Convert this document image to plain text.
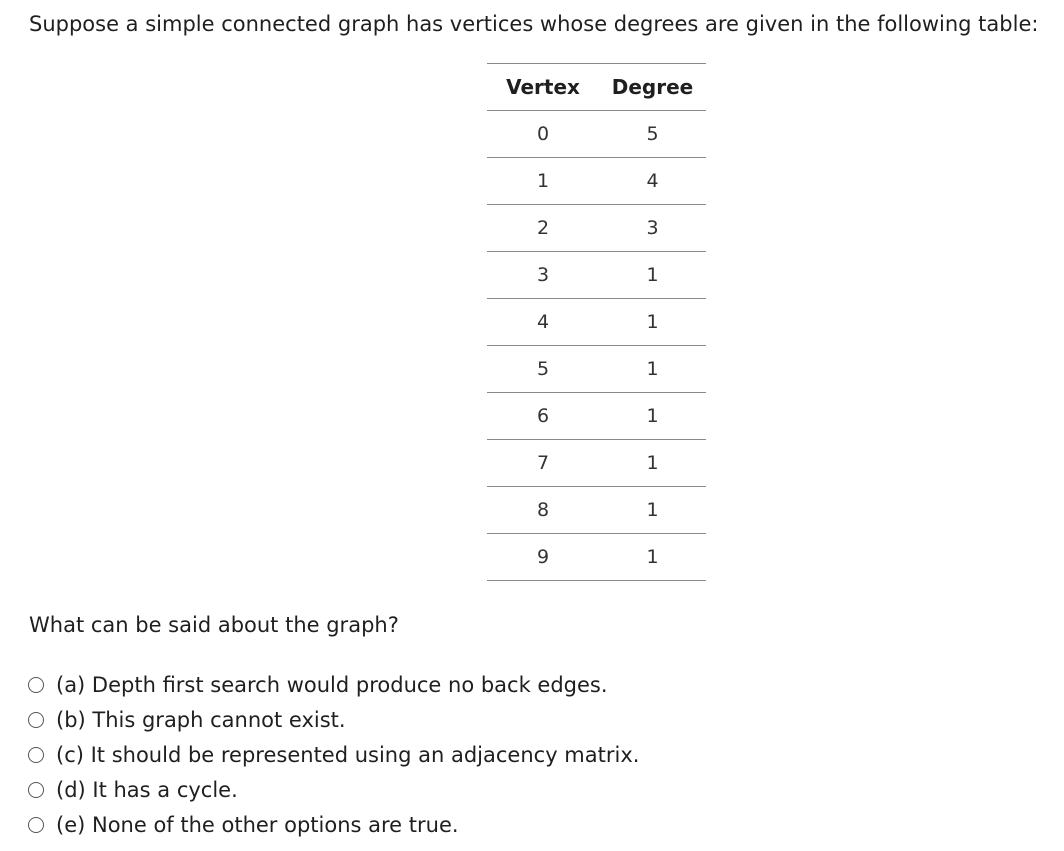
Suppose a simple connected graph has vertices whose degrees are given in the following table:
Vertex	Degree
0	5
1	4
2	3
3	1
4	1
5	1
6	1
7	1
8	1
9	1
What can be said about the graph?
(a) Depth first search would produce no back edges.
(b) This graph cannot exist.
(c) It should be represented using an adjacency matrix.
(d) It has a cycle.
(e) None of the other options are true.
